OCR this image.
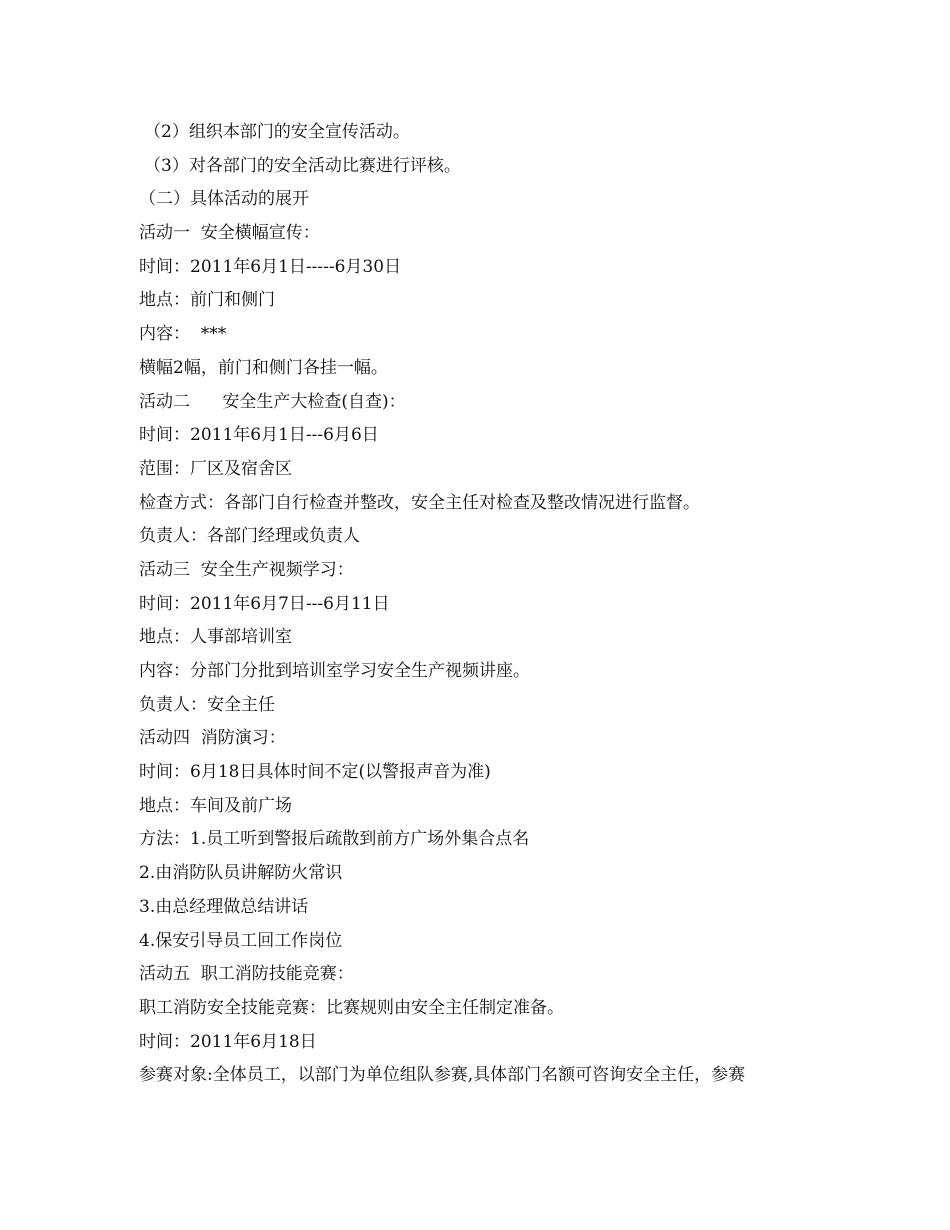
（2）组织本部门的安全宣传活动。
（3）对各部门的安全活动比赛进行评核。
（二）具体活动的展开
活动一  安全横幅宣传：
时间：2011年6月1日-----6月30日
地点：前门和侧门
内容：  ***
横幅2幅，前门和侧门各挂一幅。
活动二      安全生产大检查(自查)：
时间：2011年6月1日---6月6日
范围：厂区及宿舍区
检查方式：各部门自行检查并整改，安全主任对检查及整改情况进行监督。
负责人：各部门经理或负责人
活动三  安全生产视频学习：
时间：2011年6月7日---6月11日
地点：人事部培训室
内容：分部门分批到培训室学习安全生产视频讲座。
负责人：安全主任
活动四  消防演习：
时间：6月18日具体时间不定(以警报声音为准)
地点：车间及前广场
方法：1.员工听到警报后疏散到前方广场外集合点名
2.由消防队员讲解防火常识
3.由总经理做总结讲话
4.保安引导员工回工作岗位
活动五  职工消防技能竞赛：
职工消防安全技能竞赛：比赛规则由安全主任制定准备。
时间：2011年6月18日
参赛对象:全体员工，以部门为单位组队参赛,具体部门名额可咨询安全主任，参赛
